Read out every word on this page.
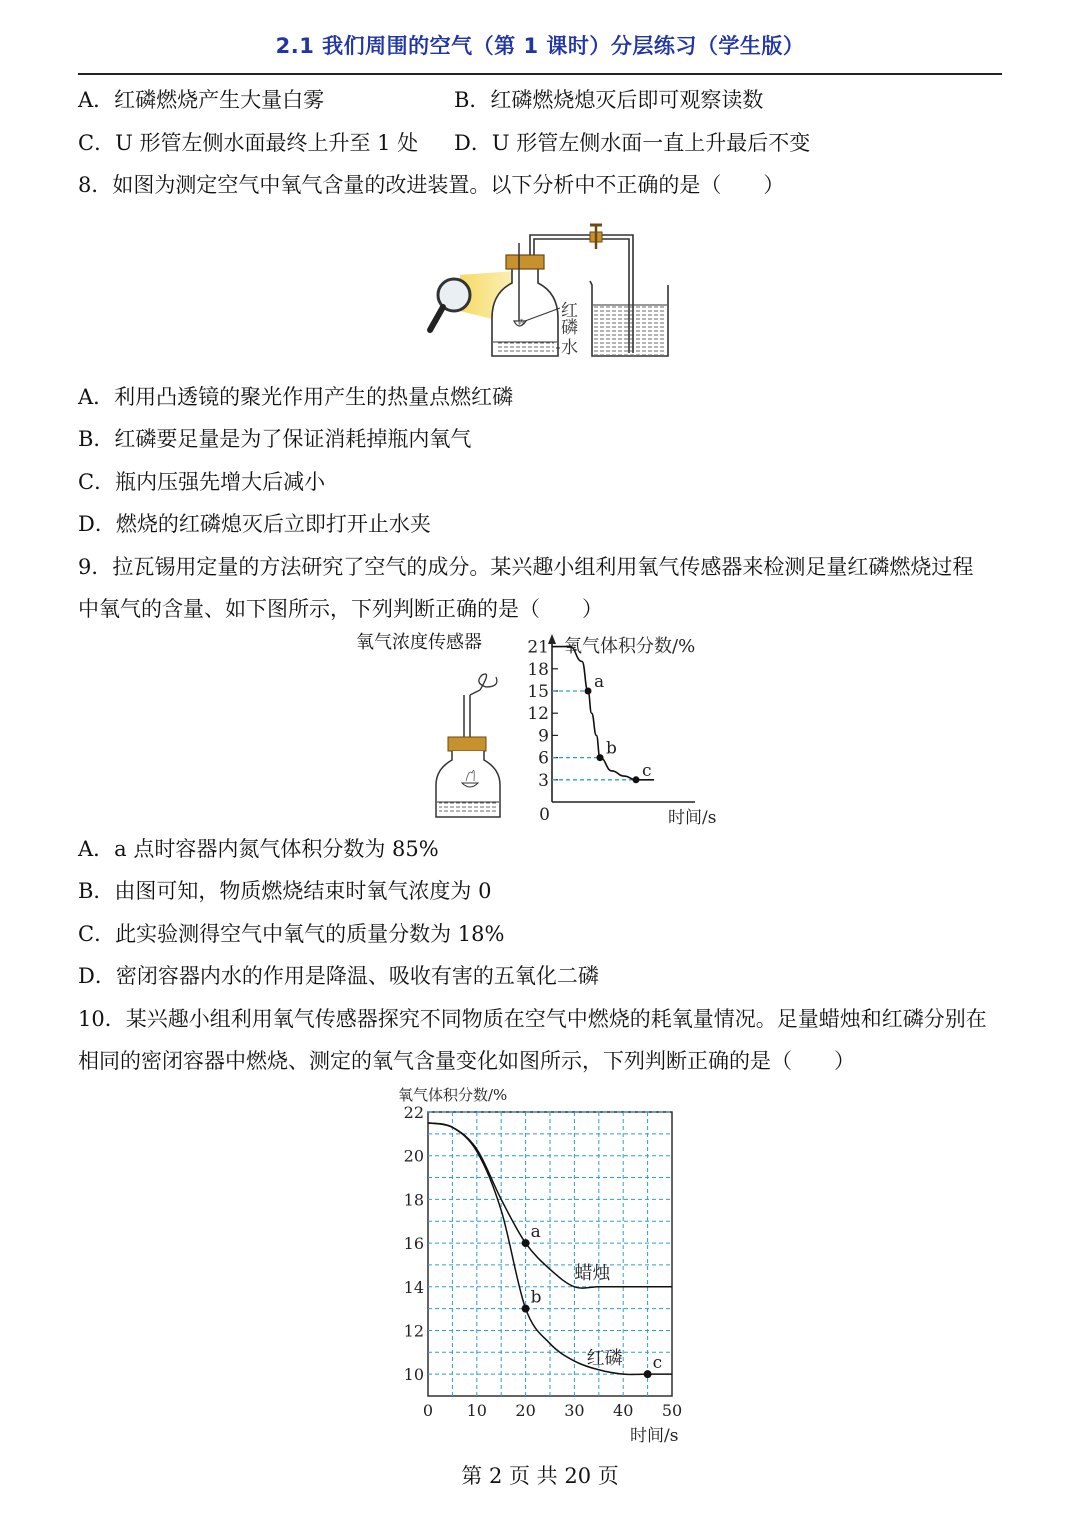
2.1 我们周围的空气（第 1 课时）分层练习（学生版）
A．红磷燃烧产生大量白雾	B．红磷燃烧熄灭后即可观察读数
C．U 形管左侧水面最终上升至 1 处 D．U 形管左侧水面一直上升最后不变
8．如图为测定空气中氧气含量的改进装置。以下分析中不正确的是（　　）
⁂ 红磷
水
A．利用凸透镜的聚光作用产生的热量点燃红磷
B．红磷要足量是为了保证消耗掉瓶内氧气
C．瓶内压强先增大后减小
D．燃烧的红磷熄灭后立即打开止水夹
9．拉瓦锡用定量的方法研究了空气的成分。某兴趣小组利用氧气传感器来检测足量红磷燃烧过程
中氧气的含量、如下图所示，下列判断正确的是（　　）
氧气浓度传感器	氧气体积分数/%
时间/s
0
21
18
15
12
9
6
3
a
b
c
A．a 点时容器内氮气体积分数为 85%
B．由图可知，物质燃烧结束时氧气浓度为 0
C．此实验测得空气中氧气的质量分数为 18%
D．密闭容器内水的作用是降温、吸收有害的五氧化二磷
10．某兴趣小组利用氧气传感器探究不同物质在空气中燃烧的耗氧量情况。足量蜡烛和红磷分别在
相同的密闭容器中燃烧、测定的氧气含量变化如图所示，下列判断正确的是（　　）
氧气体积分数/%
时间/s
10
12
14
16
18
20
22
0 10 20 30 40 50
a
b
c
蜡烛
红磷
第 2 页 共 20 页
